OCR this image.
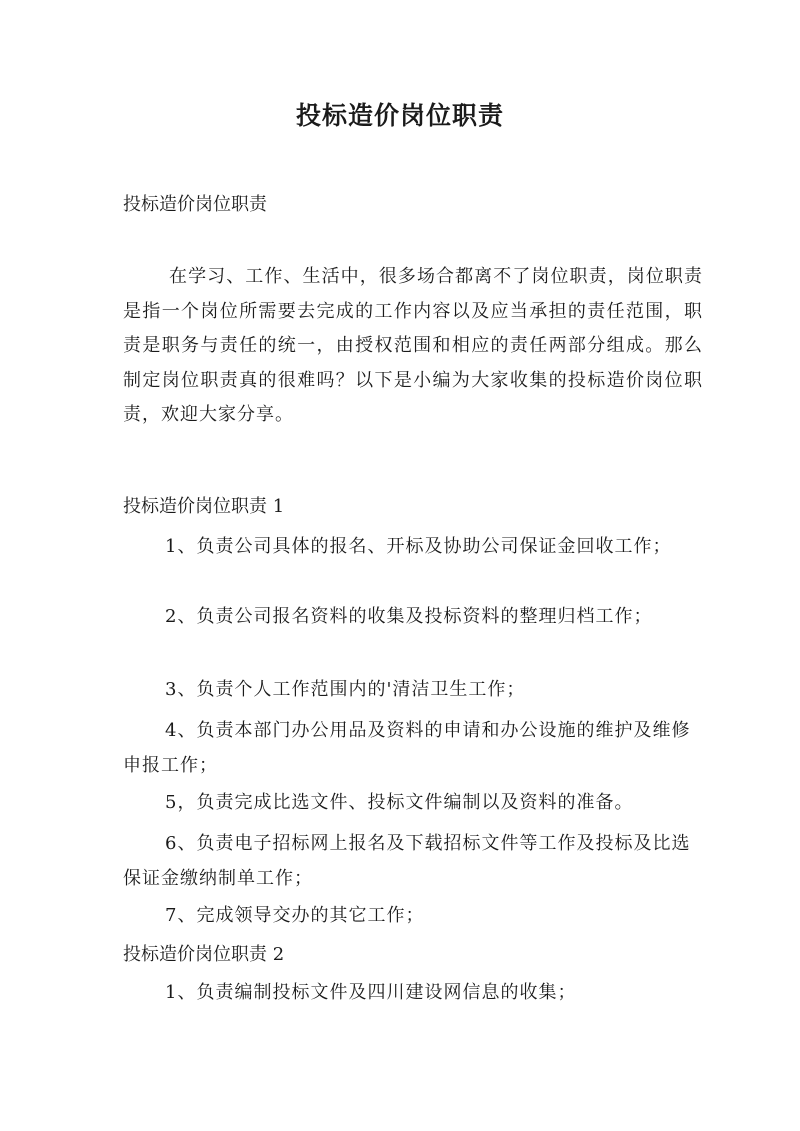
投标造价岗位职责
投标造价岗位职责
在学习、工作、生活中，很多场合都离不了岗位职责，岗位职责是指一个岗位所需要去完成的工作内容以及应当承担的责任范围，职责是职务与责任的统一，由授权范围和相应的责任两部分组成。那么制定岗位职责真的很难吗？以下是小编为大家收集的投标造价岗位职责，欢迎大家分享。
投标造价岗位职责 1
1、负责公司具体的报名、开标及协助公司保证金回收工作；
2、负责公司报名资料的收集及投标资料的整理归档工作；
3、负责个人工作范围内的'清洁卫生工作；
4、负责本部门办公用品及资料的申请和办公设施的维护及维修申报工作；
5，负责完成比选文件、投标文件编制以及资料的准备。
6、负责电子招标网上报名及下载招标文件等工作及投标及比选保证金缴纳制单工作；
7、完成领导交办的其它工作；
投标造价岗位职责 2
1、负责编制投标文件及四川建设网信息的收集；
